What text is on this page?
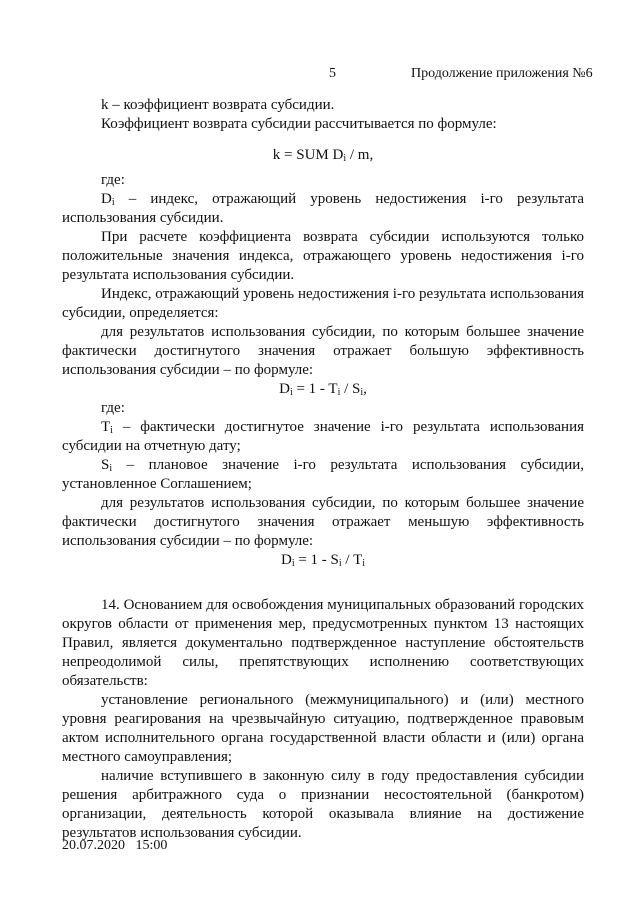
5	Продолжение приложения №6

k – коэффициент возврата субсидии.

Коэффициент возврата субсидии рассчитывается по формуле:

k = SUM $D_i$ / m,

где:

$D_i$ – индекс, отражающий уровень недостижения i-го результата использования субсидии.

При расчете коэффициента возврата субсидии используются только положительные значения индекса, отражающего уровень недостижения i-го результата использования субсидии.

Индекс, отражающий уровень недостижения i-го результата использования субсидии, определяется:

для результатов использования субсидии, по которым большее значение фактически достигнутого значения отражает большую эффективность использования субсидии – по формуле:

$D_i = 1 - T_i / S_i$,

где:

$T_i$ – фактически достигнутое значение i-го результата использования субсидии на отчетную дату;

$S_i$ – плановое значение i-го результата использования субсидии, установленное Соглашением;

для результатов использования субсидии, по которым большее значение фактически достигнутого значения отражает меньшую эффективность использования субсидии – по формуле:

$D_i = 1 - S_i / T_i$

14. Основанием для освобождения муниципальных образований городских округов области от применения мер, предусмотренных пунктом 13 настоящих Правил, является документально подтвержденное наступление обстоятельств непреодолимой силы, препятствующих исполнению соответствующих обязательств:

установление регионального (межмуниципального) и (или) местного уровня реагирования на чрезвычайную ситуацию, подтвержденное правовым актом исполнительного органа государственной власти области и (или) органа местного самоуправления;

наличие вступившего в законную силу в году предоставления субсидии решения арбитражного суда о признании несостоятельной (банкротом) организации, деятельность которой оказывала влияние на достижение результатов использования субсидии.

20.07.2020   15:00
